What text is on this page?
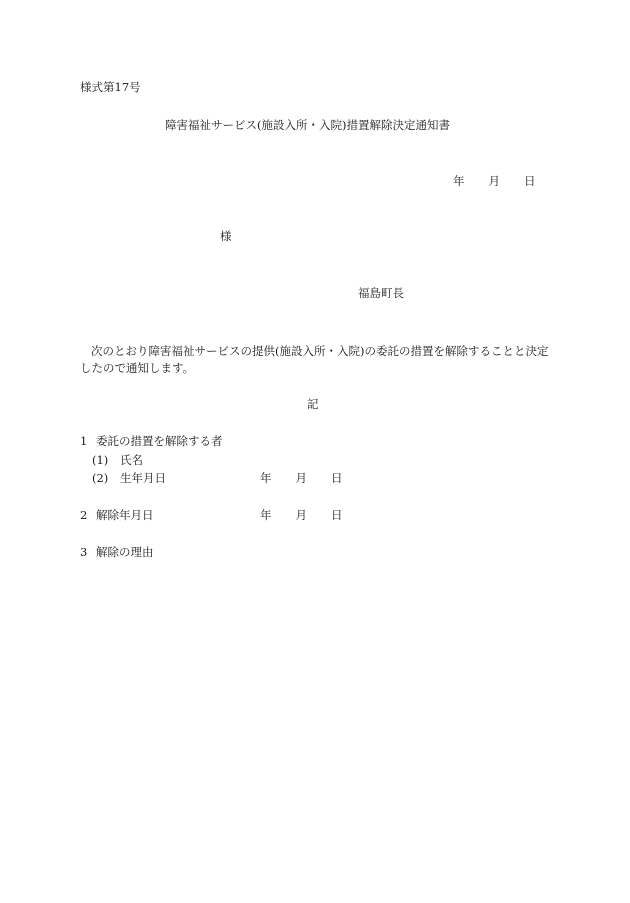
様式第17号
障害福祉サービス(施設入所・入院)措置解除決定通知書
年 月 日
様
福島町長
次のとおり障害福祉サービスの提供(施設入所・入院)の委託の措置を解除することと決定したので通知します。
記
1 委託の措置を解除する者
(1) 氏名
(2) 生年月日	年 月 日
2 解除年月日	年 月 日
3 解除の理由
